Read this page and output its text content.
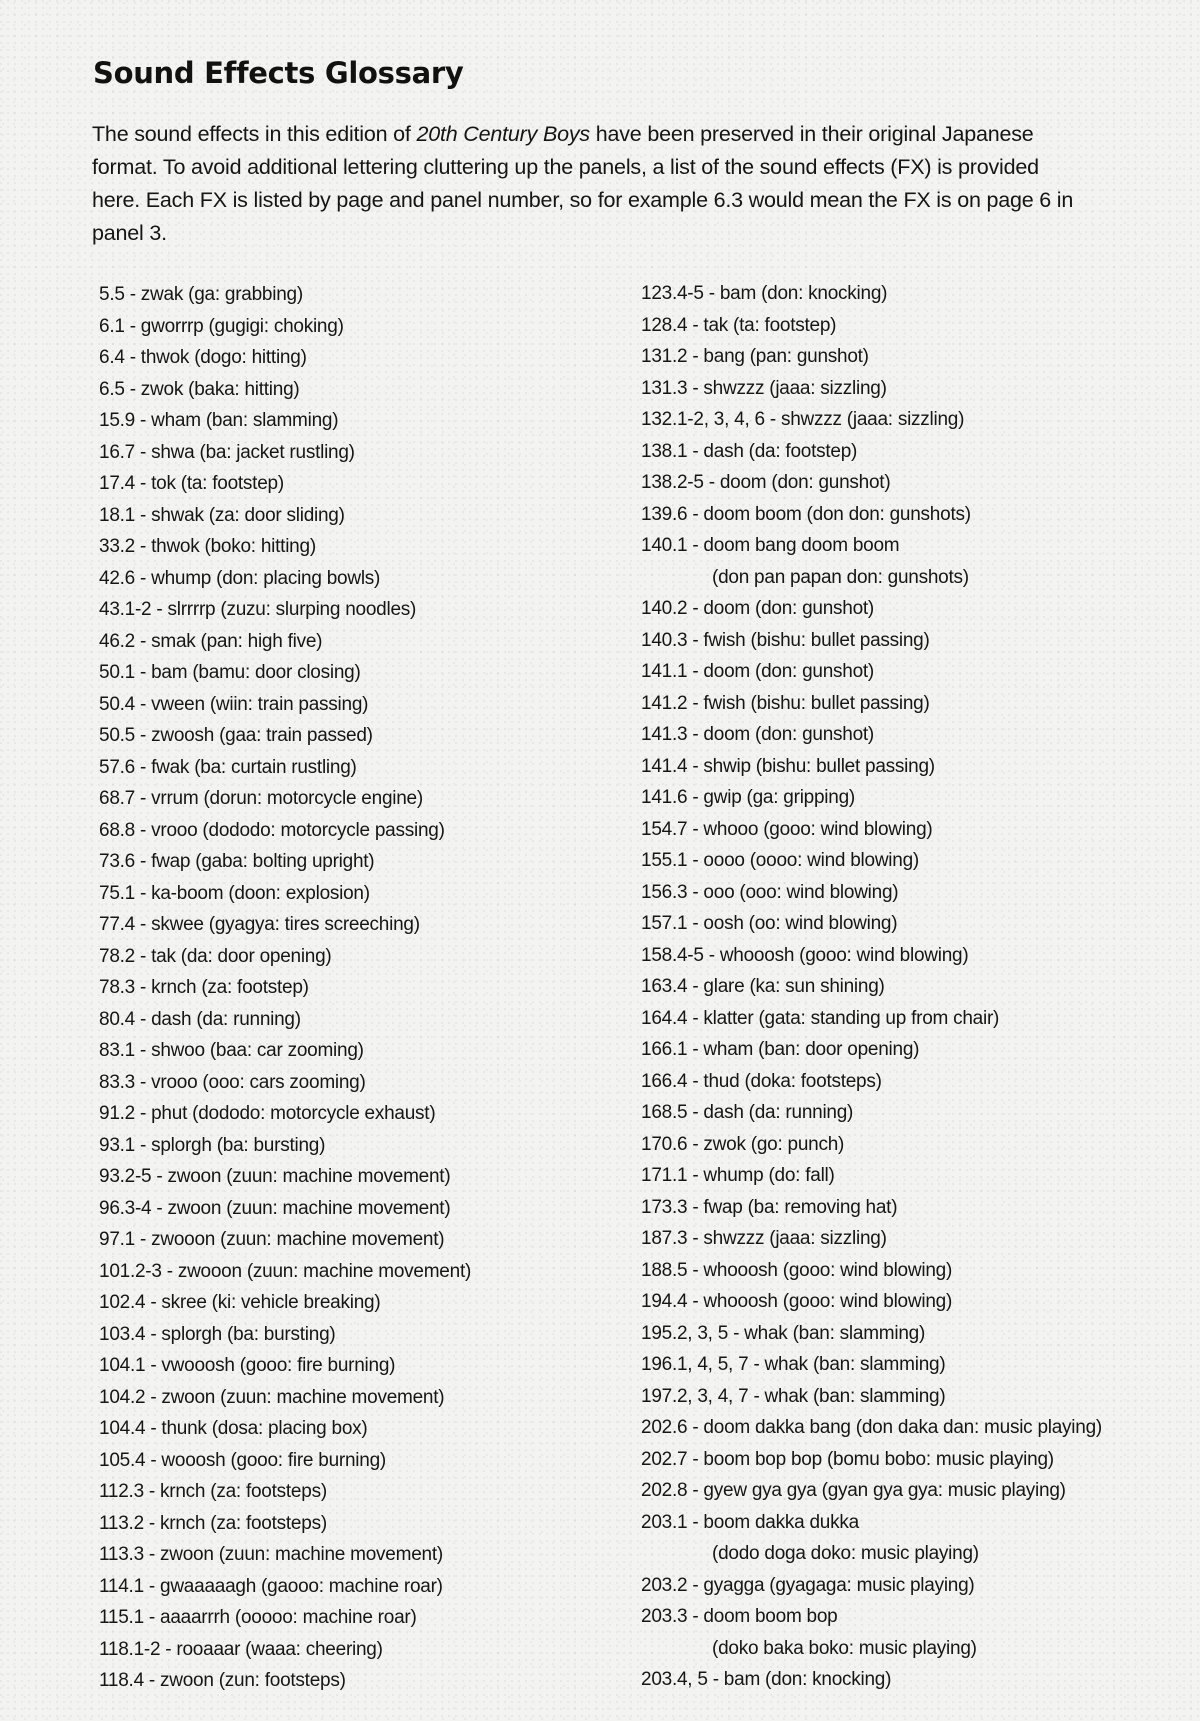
Sound Effects Glossary

The sound effects in this edition of 20th Century Boys have been preserved in their original Japanese format. To avoid additional lettering cluttering up the panels, a list of the sound effects (FX) is provided here. Each FX is listed by page and panel number, so for example 6.3 would mean the FX is on page 6 in panel 3.

5.5 - zwak (ga: grabbing)
6.1 - gworrrp (gugigi: choking)
6.4 - thwok (dogo: hitting)
6.5 - zwok (baka: hitting)
15.9 - wham (ban: slamming)
16.7 - shwa (ba: jacket rustling)
17.4 - tok (ta: footstep)
18.1 - shwak (za: door sliding)
33.2 - thwok (boko: hitting)
42.6 - whump (don: placing bowls)
43.1-2 - slrrrrp (zuzu: slurping noodles)
46.2 - smak (pan: high five)
50.1 - bam (bamu: door closing)
50.4 - vween (wiin: train passing)
50.5 - zwoosh (gaa: train passed)
57.6 - fwak (ba: curtain rustling)
68.7 - vrrum (dorun: motorcycle engine)
68.8 - vrooo (dododo: motorcycle passing)
73.6 - fwap (gaba: bolting upright)
75.1 - ka-boom (doon: explosion)
77.4 - skwee (gyagya: tires screeching)
78.2 - tak (da: door opening)
78.3 - krnch (za: footstep)
80.4 - dash (da: running)
83.1 - shwoo (baa: car zooming)
83.3 - vrooo (ooo: cars zooming)
91.2 - phut (dododo: motorcycle exhaust)
93.1 - splorgh (ba: bursting)
93.2-5 - zwoon (zuun: machine movement)
96.3-4 - zwoon (zuun: machine movement)
97.1 - zwooon (zuun: machine movement)
101.2-3 - zwooon (zuun: machine movement)
102.4 - skree (ki: vehicle breaking)
103.4 - splorgh (ba: bursting)
104.1 - vwooosh (gooo: fire burning)
104.2 - zwoon (zuun: machine movement)
104.4 - thunk (dosa: placing box)
105.4 - wooosh (gooo: fire burning)
112.3 - krnch (za: footsteps)
113.2 - krnch (za: footsteps)
113.3 - zwoon (zuun: machine movement)
114.1 - gwaaaaagh (gaooo: machine roar)
115.1 - aaaarrrh (ooooo: machine roar)
118.1-2 - rooaaar (waaa: cheering)
118.4 - zwoon (zun: footsteps)
123.4-5 - bam (don: knocking)
128.4 - tak (ta: footstep)
131.2 - bang (pan: gunshot)
131.3 - shwzzz (jaaa: sizzling)
132.1-2, 3, 4, 6 - shwzzz (jaaa: sizzling)
138.1 - dash (da: footstep)
138.2-5 - doom (don: gunshot)
139.6 - doom boom (don don: gunshots)
140.1 - doom bang doom boom
(don pan papan don: gunshots)
140.2 - doom (don: gunshot)
140.3 - fwish (bishu: bullet passing)
141.1 - doom (don: gunshot)
141.2 - fwish (bishu: bullet passing)
141.3 - doom (don: gunshot)
141.4 - shwip (bishu: bullet passing)
141.6 - gwip (ga: gripping)
154.7 - whooo (gooo: wind blowing)
155.1 - oooo (oooo: wind blowing)
156.3 - ooo (ooo: wind blowing)
157.1 - oosh (oo: wind blowing)
158.4-5 - whooosh (gooo: wind blowing)
163.4 - glare (ka: sun shining)
164.4 - klatter (gata: standing up from chair)
166.1 - wham (ban: door opening)
166.4 - thud (doka: footsteps)
168.5 - dash (da: running)
170.6 - zwok (go: punch)
171.1 - whump (do: fall)
173.3 - fwap (ba: removing hat)
187.3 - shwzzz (jaaa: sizzling)
188.5 - whooosh (gooo: wind blowing)
194.4 - whooosh (gooo: wind blowing)
195.2, 3, 5 - whak (ban: slamming)
196.1, 4, 5, 7 - whak (ban: slamming)
197.2, 3, 4, 7 - whak (ban: slamming)
202.6 - doom dakka bang (don daka dan: music playing)
202.7 - boom bop bop (bomu bobo: music playing)
202.8 - gyew gya gya (gyan gya gya: music playing)
203.1 - boom dakka dukka
(dodo doga doko: music playing)
203.2 - gyagga (gyagaga: music playing)
203.3 - doom boom bop
(doko baka boko: music playing)
203.4, 5 - bam (don: knocking)
